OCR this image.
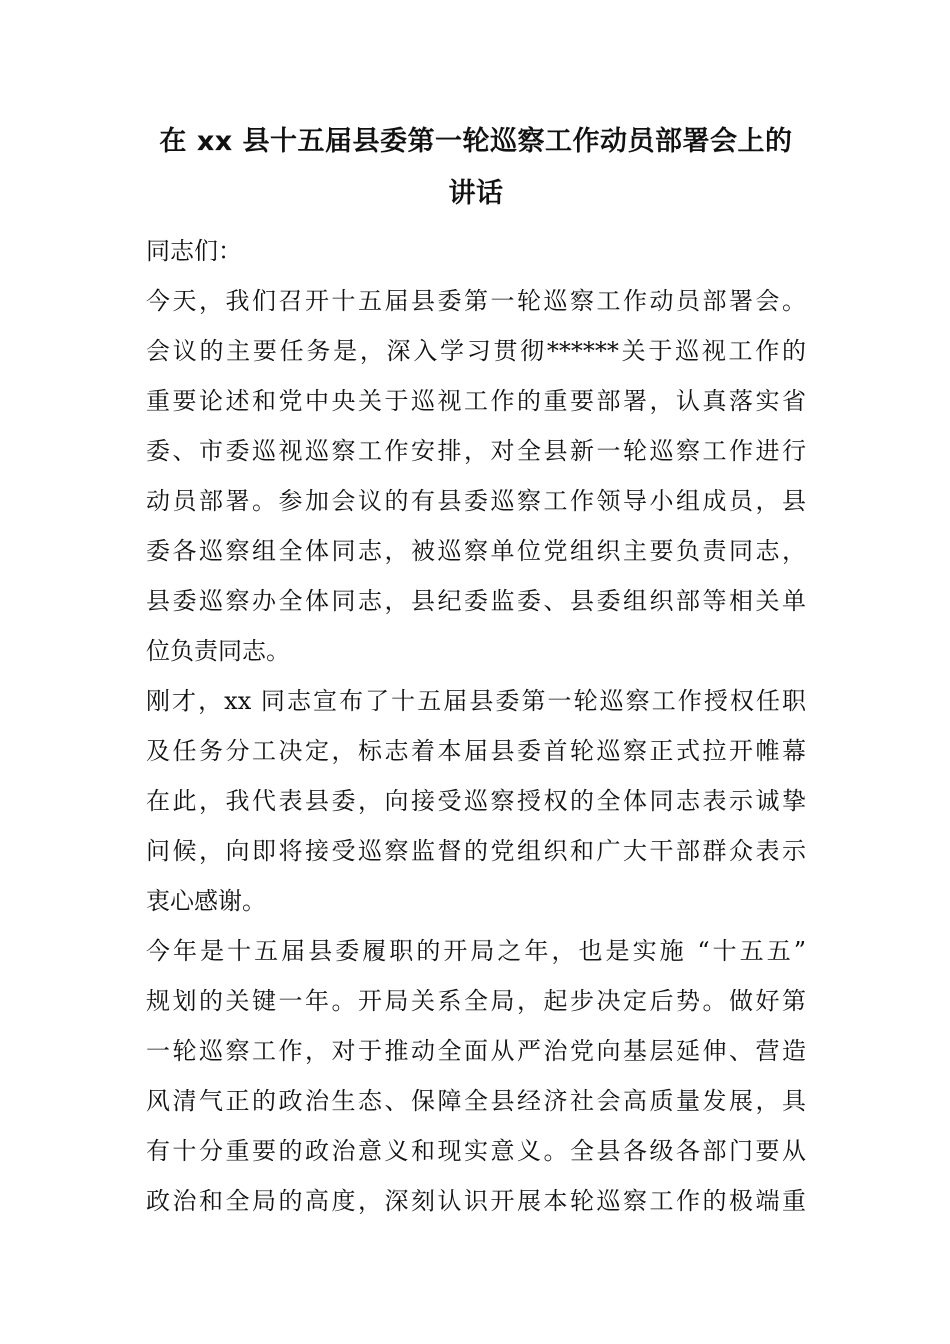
在 xx 县十五届县委第一轮巡察工作动员部署会上的
讲话

同志们：

今天，我们召开十五届县委第一轮巡察工作动员部署会。
会议的主要任务是，深入学习贯彻******关于巡视工作的
重要论述和党中央关于巡视工作的重要部署，认真落实省
委、市委巡视巡察工作安排，对全县新一轮巡察工作进行
动员部署。参加会议的有县委巡察工作领导小组成员，县
委各巡察组全体同志，被巡察单位党组织主要负责同志，
县委巡察办全体同志，县纪委监委、县委组织部等相关单
位负责同志。

刚才，xx 同志宣布了十五届县委第一轮巡察工作授权任职
及任务分工决定，标志着本届县委首轮巡察正式拉开帷幕
在此，我代表县委，向接受巡察授权的全体同志表示诚挚
问候，向即将接受巡察监督的党组织和广大干部群众表示
衷心感谢。

今年是十五届县委履职的开局之年，也是实施 “十五五”
规划的关键一年。开局关系全局，起步决定后势。做好第
一轮巡察工作，对于推动全面从严治党向基层延伸、营造
风清气正的政治生态、保障全县经济社会高质量发展，具
有十分重要的政治意义和现实意义。全县各级各部门要从
政治和全局的高度，深刻认识开展本轮巡察工作的极端重
